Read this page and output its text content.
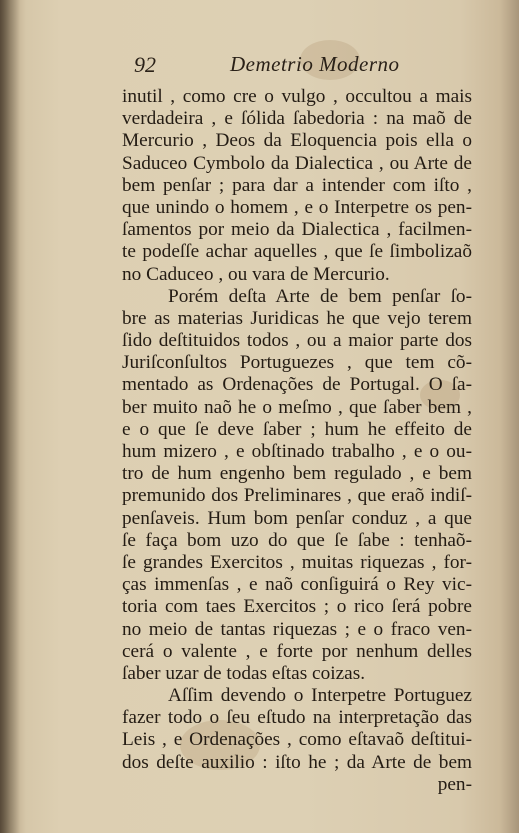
92	Demetrio Moderno
inutil , como cre o vulgo , occultou a mais
verdadeira , e ſólida ſabedoria : na maõ de
Mercurio , Deos da Eloquencia pois ella o
Saduceo Cymbolo da Dialectica , ou Arte de
bem penſar ; para dar a intender com iſto ,
que unindo o homem , e o Interpetre os pen-
ſamentos por meio da Dialectica , facilmen-
te podeſſe achar aquelles , que ſe ſimbolizaõ
no Caduceo , ou vara de Mercurio.
Porém deſta Arte de bem penſar ſo-
bre as materias Juridicas he que vejo terem
ſido deſtituidos todos , ou a maior parte dos
Juriſconſultos Portuguezes , que tem cõ-
mentado as Ordenações de Portugal. O ſa-
ber muito naõ he o meſmo , que ſaber bem ,
e o que ſe deve ſaber ; hum he effeito de
hum mizero , e obſtinado trabalho , e o ou-
tro de hum engenho bem regulado , e bem
premunido dos Preliminares , que eraõ indiſ-
penſaveis. Hum bom penſar conduz , a que
ſe faça bom uzo do que ſe ſabe : tenhaõ-
ſe grandes Exercitos , muitas riquezas , for-
ças immenſas , e naõ conſiguirá o Rey vic-
toria com taes Exercitos ; o rico ſerá pobre
no meio de tantas riquezas ; e o fraco ven-
cerá o valente , e forte por nenhum delles
ſaber uzar de todas eſtas coizas.
Aſſim devendo o Interpetre Portuguez
fazer todo o ſeu eſtudo na interpretação das
Leis , e Ordenações , como eſtavaõ deſtitui-
dos deſte auxilio : iſto he ; da Arte de bem
pen-
